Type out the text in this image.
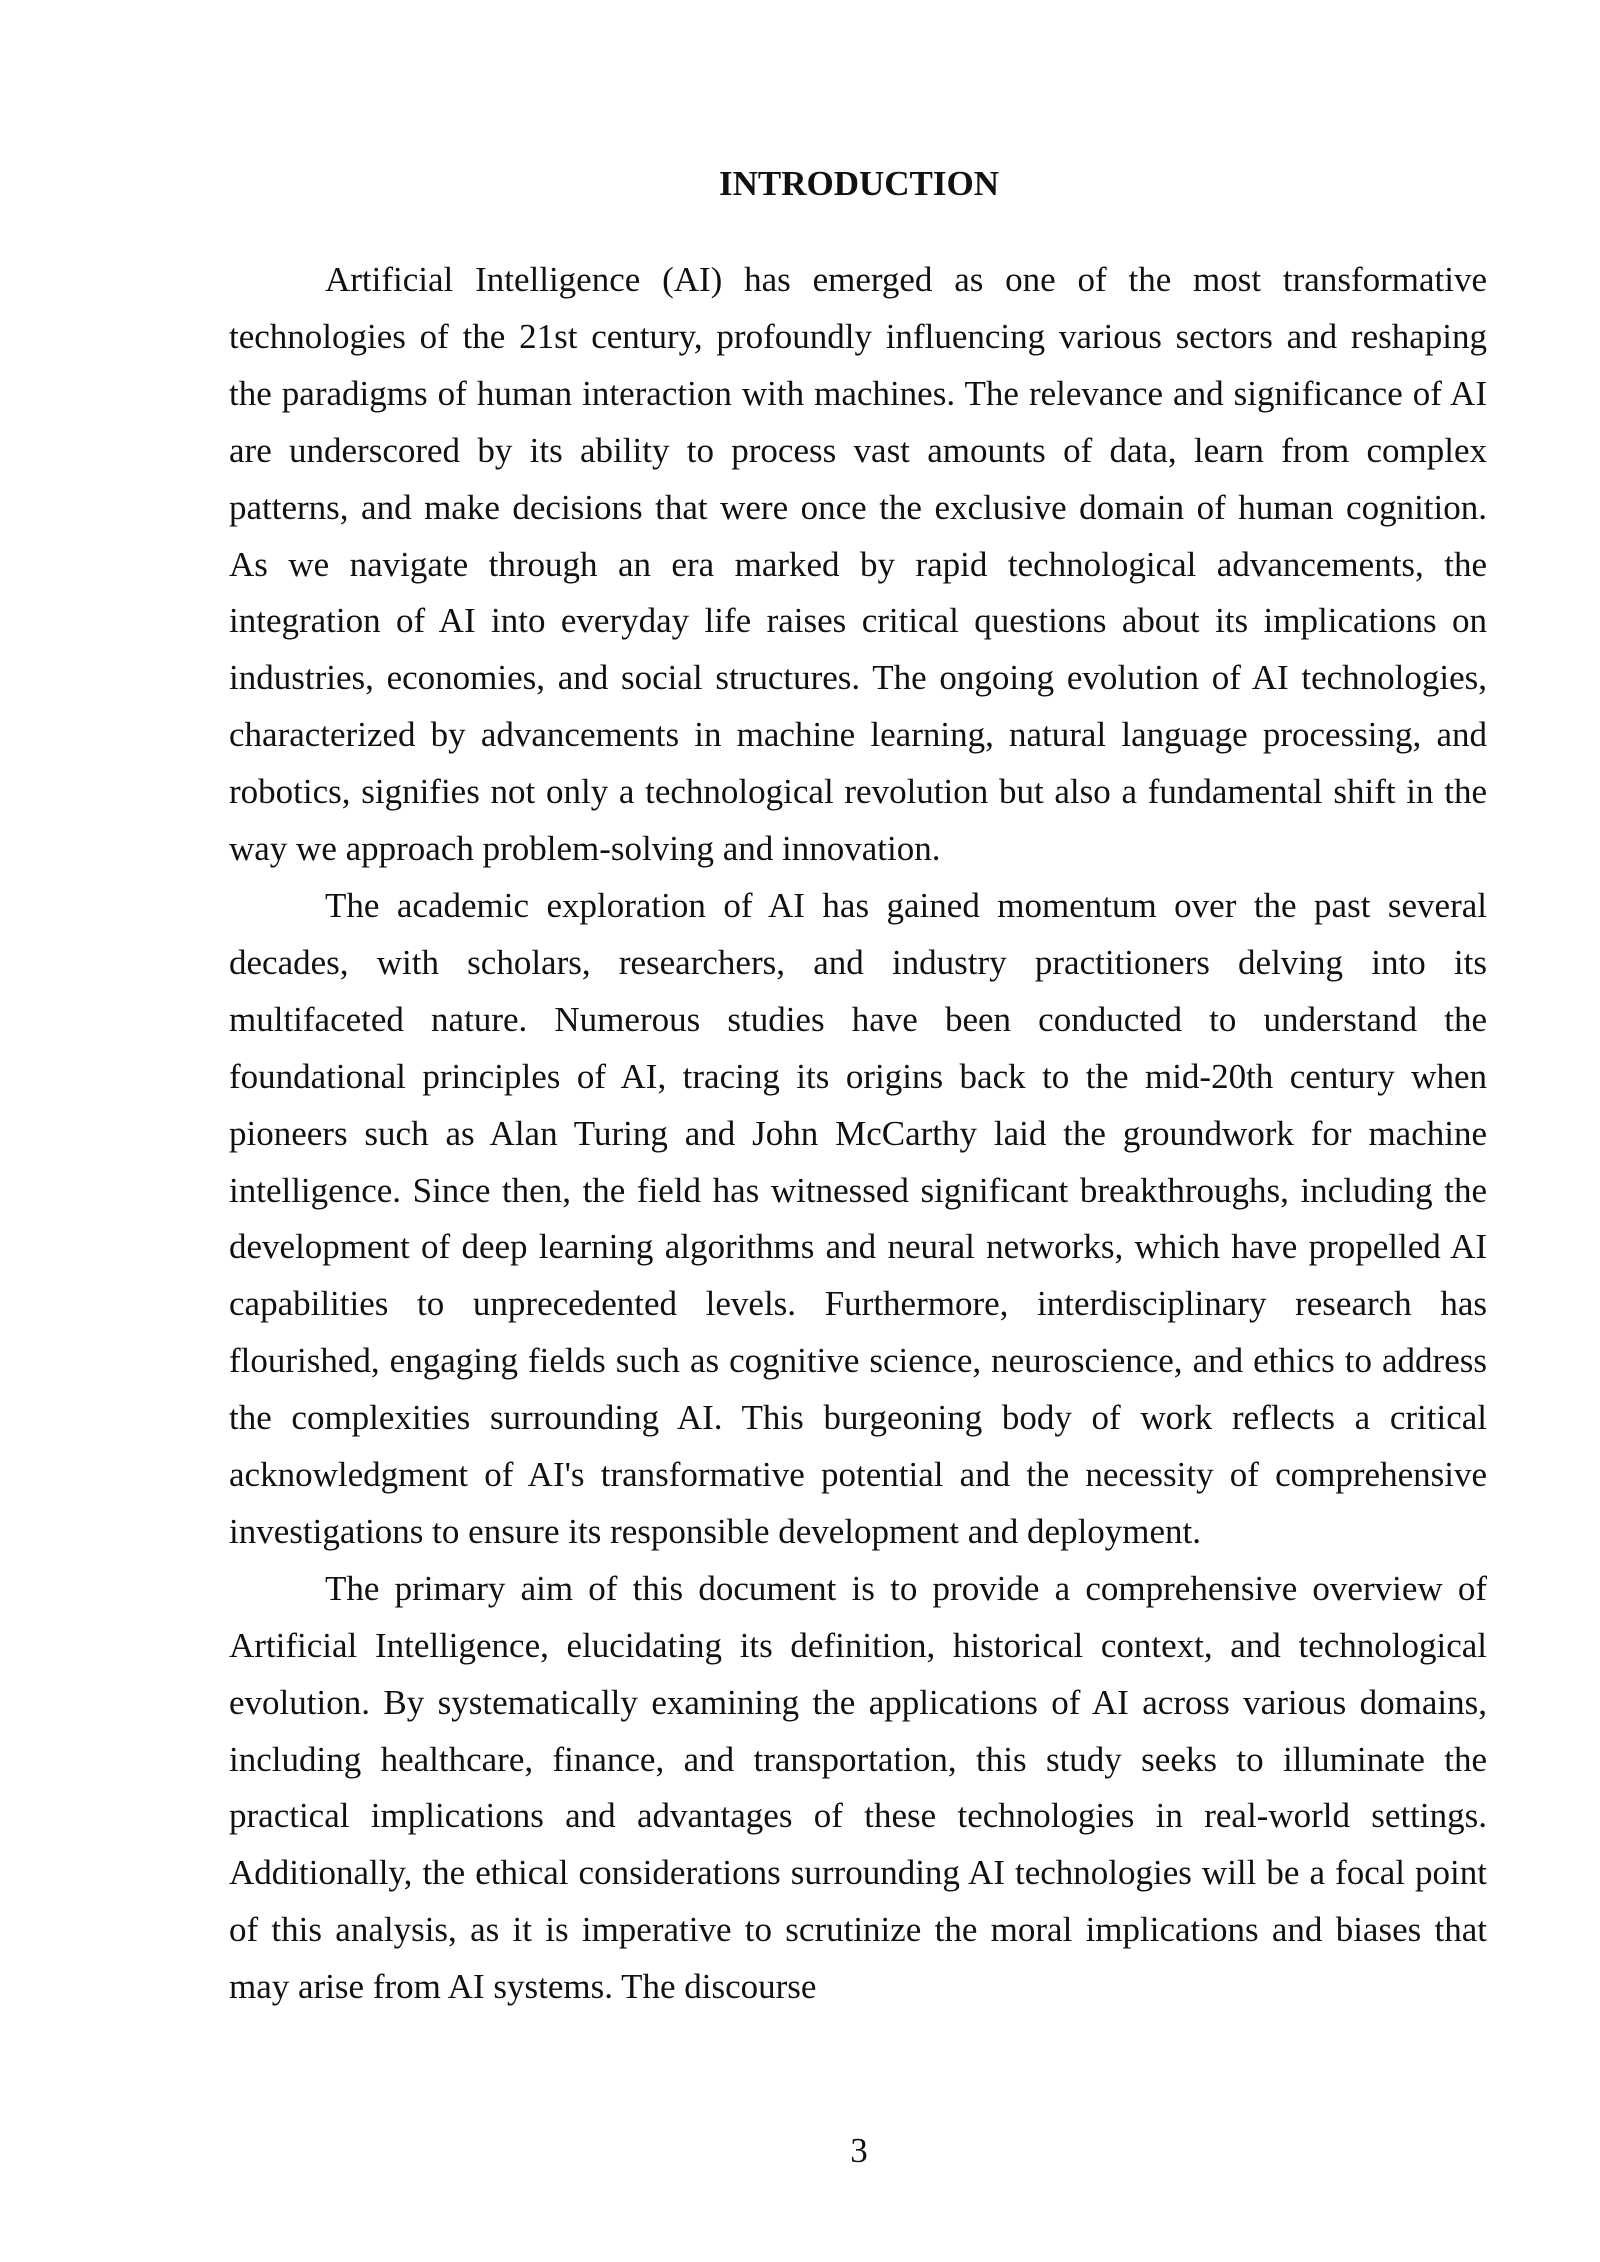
INTRODUCTION

Artificial Intelligence (AI) has emerged as one of the most transformative technologies of the 21st century, profoundly influencing various sectors and reshaping the paradigms of human interaction with machines. The relevance and significance of AI are underscored by its ability to process vast amounts of data, learn from complex patterns, and make decisions that were once the exclusive domain of human cognition. As we navigate through an era marked by rapid technological advancements, the integration of AI into everyday life raises critical questions about its implications on industries, economies, and social structures. The ongoing evolution of AI technologies, characterized by advancements in machine learning, natural language processing, and robotics, signifies not only a technological revolution but also a fundamental shift in the way we approach problem-solving and innovation.

The academic exploration of AI has gained momentum over the past several decades, with scholars, researchers, and industry practitioners delving into its multifaceted nature. Numerous studies have been conducted to understand the foundational principles of AI, tracing its origins back to the mid-20th century when pioneers such as Alan Turing and John McCarthy laid the groundwork for machine intelligence. Since then, the field has witnessed significant breakthroughs, including the development of deep learning algorithms and neural networks, which have propelled AI capabilities to unprecedented levels. Furthermore, interdisciplinary research has flourished, engaging fields such as cognitive science, neuroscience, and ethics to address the complexities surrounding AI. This burgeoning body of work reflects a critical acknowledgment of AI's transformative potential and the necessity of comprehensive investigations to ensure its responsible development and deployment.

The primary aim of this document is to provide a comprehensive overview of Artificial Intelligence, elucidating its definition, historical context, and technological evolution. By systematically examining the applications of AI across various domains, including healthcare, finance, and transportation, this study seeks to illuminate the practical implications and advantages of these technologies in real-world settings. Additionally, the ethical considerations surrounding AI technologies will be a focal point of this analysis, as it is imperative to scrutinize the moral implications and biases that may arise from AI systems. The discourse

3
